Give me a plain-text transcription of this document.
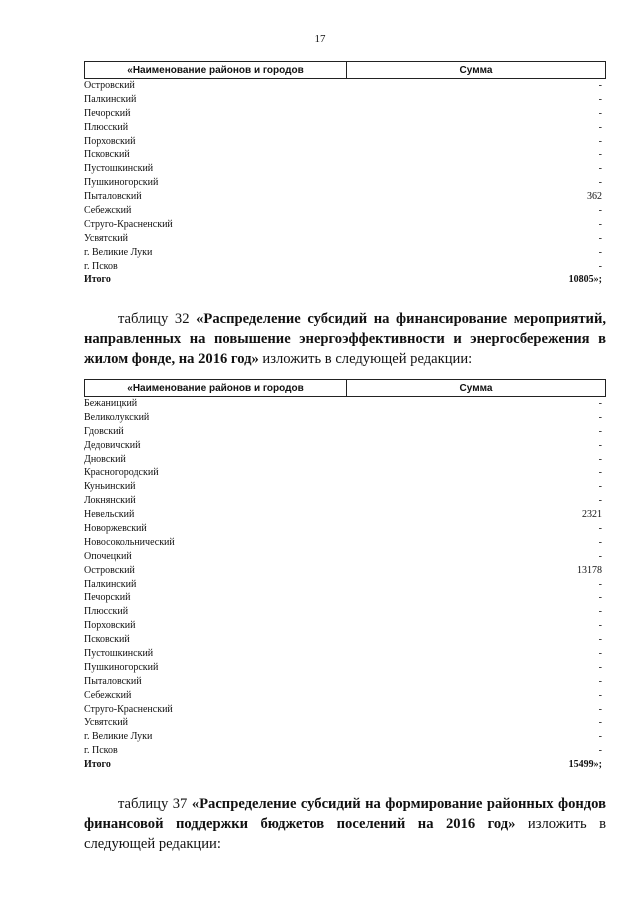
17
«Наименование районов и городов	Сумма
Островский	-
Палкинский	-
Печорский	-
Плюсский	-
Порховский	-
Псковский	-
Пустошкинский	-
Пушкиногорский	-
Пыталовский	362
Себежский	-
Струго-Красненский	-
Усвятский	-
г. Великие Луки	-
г. Псков	-
Итого	10805»;
таблицу 32 «Распределение субсидий на финансирование мероприятий, направленных на повышение энергоэффективности и энергосбережения в жилом фонде, на 2016 год» изложить в следующей редакции:
«Наименование районов и городов	Сумма
Бежаницкий	-
Великолукский	-
Гдовский	-
Дедовичский	-
Дновский	-
Красногородский	-
Куньинский	-
Локнянский	-
Невельский	2321
Новоржевский	-
Новосокольнический	-
Опочецкий	-
Островский	13178
Палкинский	-
Печорский	-
Плюсский	-
Порховский	-
Псковский	-
Пустошкинский	-
Пушкиногорский	-
Пыталовский	-
Себежский	-
Струго-Красненский	-
Усвятский	-
г. Великие Луки	-
г. Псков	-
Итого	15499»;
таблицу 37 «Распределение субсидий на формирование районных фондов финансовой поддержки бюджетов поселений на 2016 год» изложить в следующей редакции:
